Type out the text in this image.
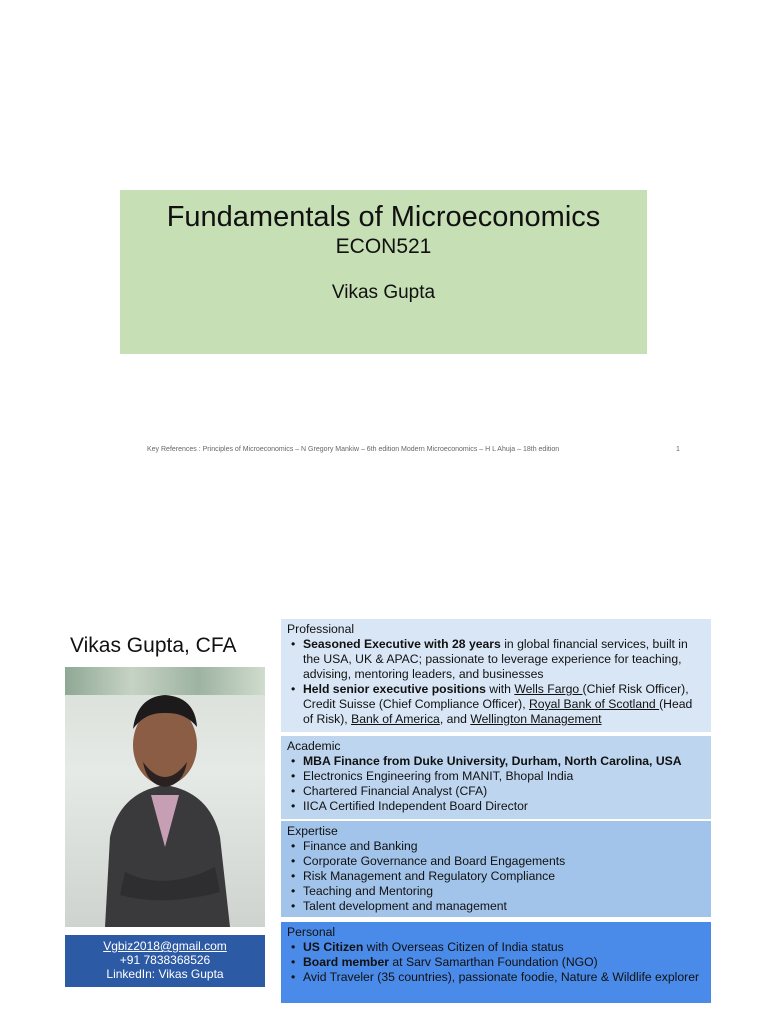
Fundamentals of Microeconomics
ECON521
Vikas Gupta
Key References : Principles of Microeconomics – N Gregory Mankiw – 6th edition Modern Microeconomics – H L Ahuja – 18th edition	1
Vikas Gupta, CFA
Vgbiz2018@gmail.com
+91 7838368526
LinkedIn: Vikas Gupta
Professional
• Seasoned Executive with 28 years in global financial services, built in the USA, UK & APAC; passionate to leverage experience for teaching, advising, mentoring leaders, and businesses
• Held senior executive positions with Wells Fargo (Chief Risk Officer), Credit Suisse (Chief Compliance Officer), Royal Bank of Scotland (Head of Risk), Bank of America, and Wellington Management
Academic
• MBA Finance from Duke University, Durham, North Carolina, USA
• Electronics Engineering from MANIT, Bhopal India
• Chartered Financial Analyst (CFA)
• IICA Certified Independent Board Director
Expertise
• Finance and Banking
• Corporate Governance and Board Engagements
• Risk Management and Regulatory Compliance
• Teaching and Mentoring
• Talent development and management
Personal
• US Citizen with Overseas Citizen of India status
• Board member at Sarv Samarthan Foundation (NGO)
• Avid Traveler (35 countries), passionate foodie, Nature & Wildlife explorer
